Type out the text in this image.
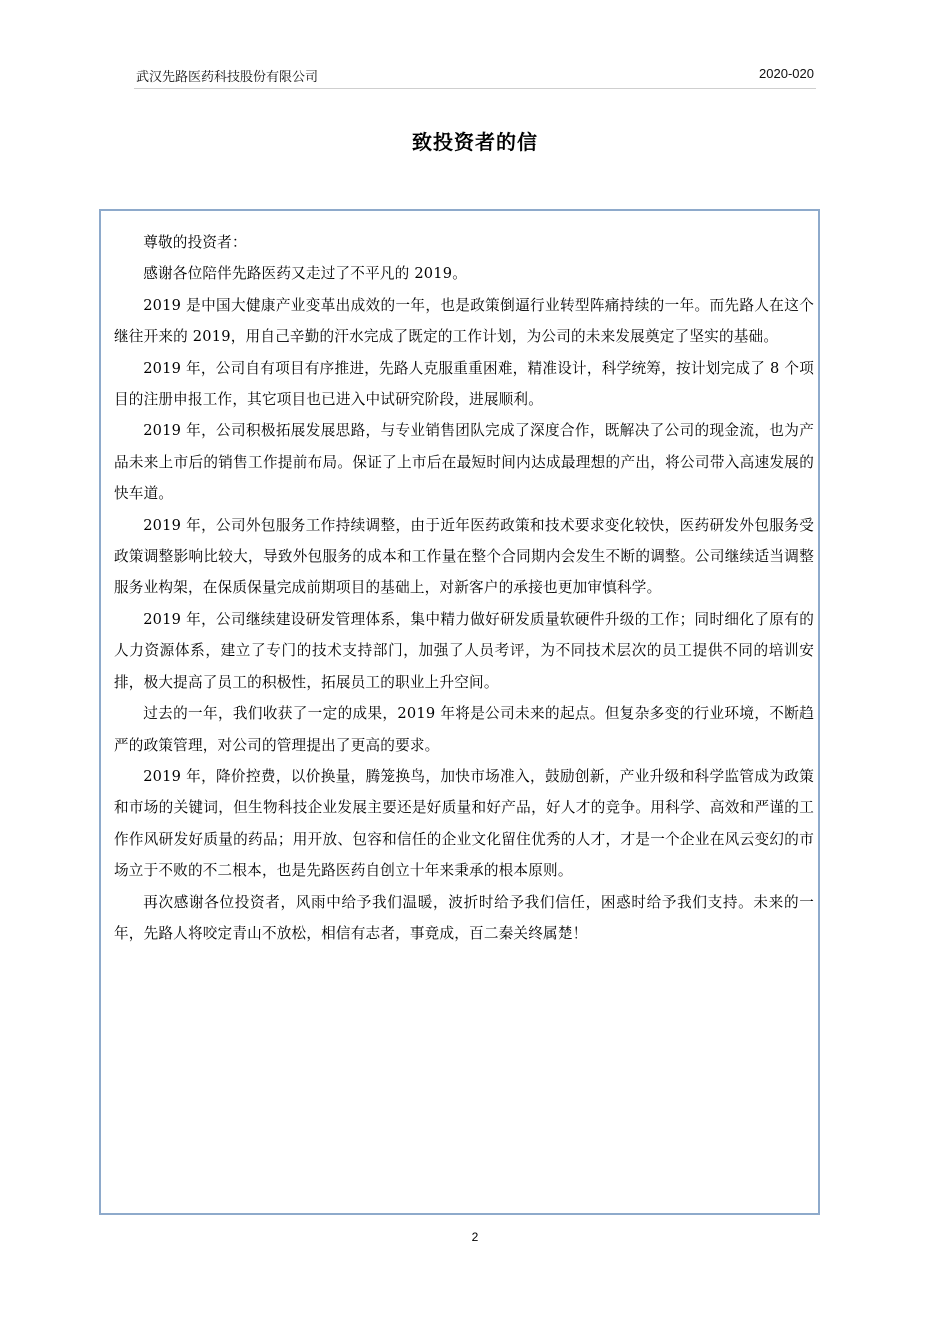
武汉先路医药科技股份有限公司	2020-020
致投资者的信

尊敬的投资者：

感谢各位陪伴先路医药又走过了不平凡的 2019。

2019 是中国大健康产业变革出成效的一年，也是政策倒逼行业转型阵痛持续的一年。而先路人在这个继往开来的 2019，用自己辛勤的汗水完成了既定的工作计划，为公司的未来发展奠定了坚实的基础。

2019 年，公司自有项目有序推进，先路人克服重重困难，精准设计，科学统筹，按计划完成了 8 个项目的注册申报工作，其它项目也已进入中试研究阶段，进展顺利。

2019 年，公司积极拓展发展思路，与专业销售团队完成了深度合作，既解决了公司的现金流，也为产品未来上市后的销售工作提前布局。保证了上市后在最短时间内达成最理想的产出，将公司带入高速发展的快车道。

2019 年，公司外包服务工作持续调整，由于近年医药政策和技术要求变化较快，医药研发外包服务受政策调整影响比较大，导致外包服务的成本和工作量在整个合同期内会发生不断的调整。公司继续适当调整服务业构架，在保质保量完成前期项目的基础上，对新客户的承接也更加审慎科学。

2019 年，公司继续建设研发管理体系，集中精力做好研发质量软硬件升级的工作；同时细化了原有的人力资源体系，建立了专门的技术支持部门，加强了人员考评，为不同技术层次的员工提供不同的培训安排，极大提高了员工的积极性，拓展员工的职业上升空间。

过去的一年，我们收获了一定的成果，2019 年将是公司未来的起点。但复杂多变的行业环境，不断趋严的政策管理，对公司的管理提出了更高的要求。

2019 年，降价控费，以价换量，腾笼换鸟，加快市场准入，鼓励创新，产业升级和科学监管成为政策和市场的关键词，但生物科技企业发展主要还是好质量和好产品，好人才的竞争。用科学、高效和严谨的工作作风研发好质量的药品；用开放、包容和信任的企业文化留住优秀的人才，才是一个企业在风云变幻的市场立于不败的不二根本，也是先路医药自创立十年来秉承的根本原则。

再次感谢各位投资者，风雨中给予我们温暖，波折时给予我们信任，困惑时给予我们支持。未来的一年，先路人将咬定青山不放松，相信有志者，事竟成，百二秦关终属楚！

2
